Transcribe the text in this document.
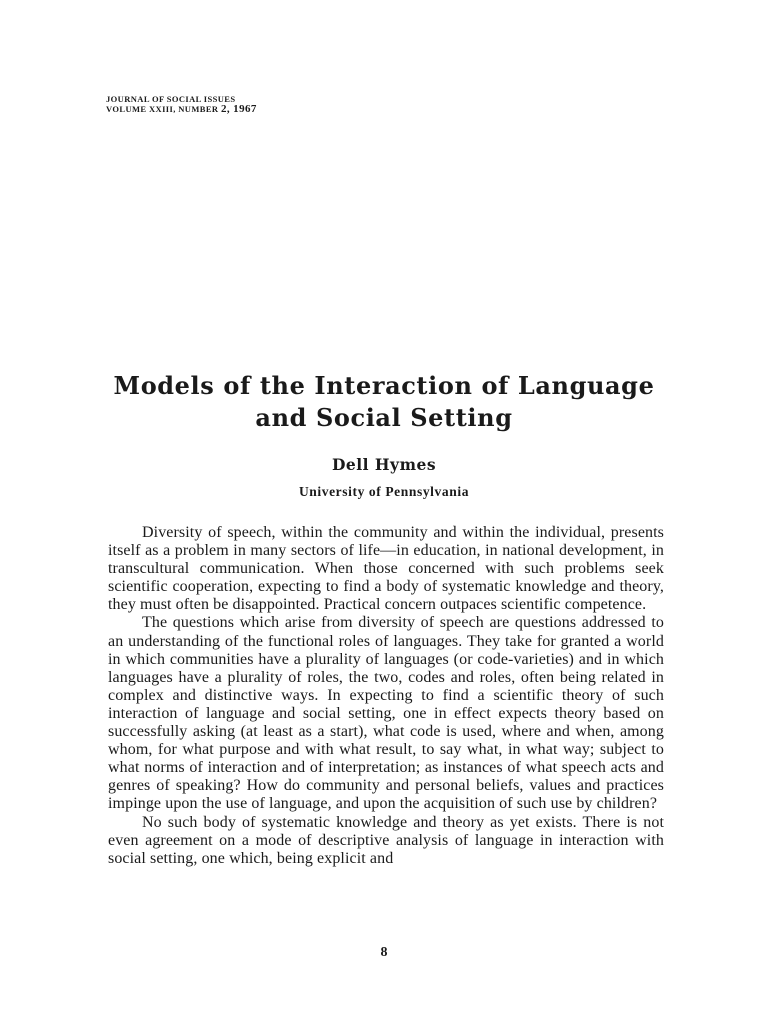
JOURNAL OF SOCIAL ISSUES
VOLUME XXIII, NUMBER 2, 1967
Models of the Interaction of Language
and Social Setting
Dell Hymes
University of Pennsylvania

Diversity of speech, within the community and within the individual, presents itself as a problem in many sectors of life—in education, in national development, in transcultural communication. When those concerned with such problems seek scientific cooperation, expecting to find a body of systematic knowledge and theory, they must often be disappointed. Practical concern outpaces scientific competence.

The questions which arise from diversity of speech are questions addressed to an understanding of the functional roles of languages. They take for granted a world in which communities have a plurality of languages (or code-varieties) and in which languages have a plurality of roles, the two, codes and roles, often being related in complex and distinctive ways. In expecting to find a scientific theory of such interaction of language and social setting, one in effect expects theory based on successfully asking (at least as a start), what code is used, where and when, among whom, for what purpose and with what result, to say what, in what way; subject to what norms of interaction and of interpretation; as instances of what speech acts and genres of speaking? How do community and personal beliefs, values and practices impinge upon the use of language, and upon the acquisition of such use by children?

No such body of systematic knowledge and theory as yet exists. There is not even agreement on a mode of descriptive analysis of language in interaction with social setting, one which, being explicit and

8
